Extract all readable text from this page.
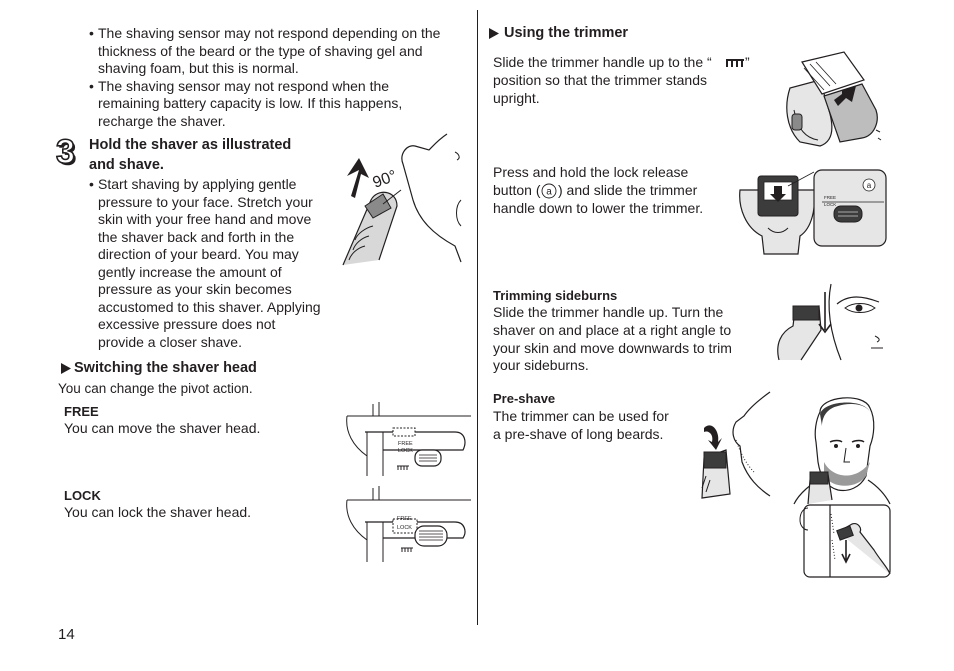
• The shaving sensor may not respond depending on the
thickness of the beard or the type of shaving gel and
shaving foam, but this is normal.
• The shaving sensor may not respond when the
remaining battery capacity is low. If this happens,
recharge the shaver.
3 Hold the shaver as illustrated
and shave.
• Start shaving by applying gentle
pressure to your face. Stretch your
skin with your free hand and move
the shaver back and forth in the
direction of your beard. You may
gently increase the amount of
pressure as your skin becomes
accustomed to this shaver. Applying
excessive pressure does not
provide a closer shave.
90°
Switching the shaver head
You can change the pivot action.
FREE
You can move the shaver head.
LOCK
You can lock the shaver head.
FREE
LOCK
FREE
LOCK
Using the trimmer
Slide the trimmer handle up to the “ ”
position so that the trimmer stands
upright.
Press and hold the lock release
button ( a ) and slide the trimmer
handle down to lower the trimmer.
a
FREE
LOCK
Trimming sideburns
Slide the trimmer handle up. Turn the
shaver on and place at a right angle to
your skin and move downwards to trim
your sideburns.
Pre-shave
The trimmer can be used for
a pre-shave of long beards.
14
